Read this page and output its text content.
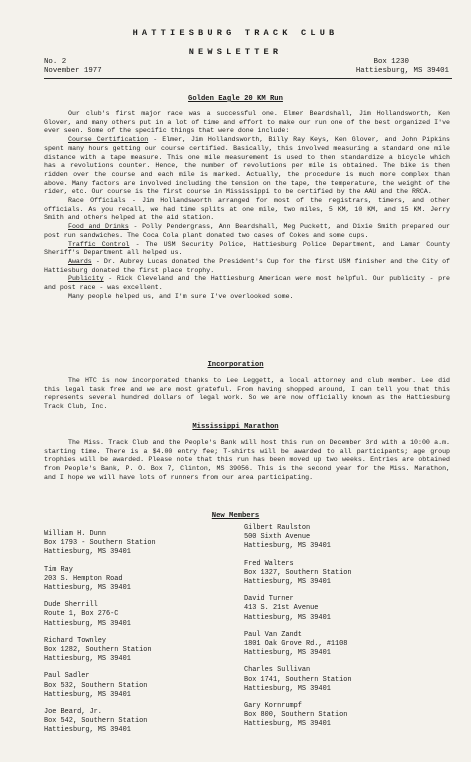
HATTIESBURG TRACK CLUB
NEWSLETTER
No. 2
November 1977
Box 1230
Hattiesburg, MS 39401
Golden Eagle 20 KM Run

Our club's first major race was a successful one. Elmer Beardshall, Jim Hollandsworth, Ken Glover, and many others put in a lot of time and effort to make our run one of the best organized I've ever seen. Some of the specific things that were done include:

Course Certification - Elmer, Jim Hollandsworth, Billy Ray Keys, Ken Glover, and John Pipkins spent many hours getting our course certified. Basically, this involved measuring a standard one mile distance with a tape measure. This one mile measurement is used to then standardize a bicycle which has a revolutions counter. Hence, the number of revolutions per mile is obtained. The bike is then ridden over the course and each mile is marked. Actually, the procedure is much more complex than above. Many factors are involved including the tension on the tape, the temperature, the weight of the rider, etc. Our course is the first course in Mississippi to be certified by the AAU and the RRCA.

Race Officials - Jim Hollandsworth arranged for most of the registrars, timers, and other officials. As you recall, we had time splits at one mile, two miles, 5 KM, 10 KM, and 15 KM. Jerry Smith and others helped at the aid station.

Food and Drinks - Polly Pendergrass, Ann Beardshall, Meg Puckett, and Dixie Smith prepared our post run sandwiches. The Coca Cola plant donated two cases of Cokes and some cups.

Traffic Control - The USM Security Police, Hattiesburg Police Department, and Lamar County Sheriff's Department all helped us.

Awards - Dr. Aubrey Lucas donated the President's Cup for the first USM finisher and the City of Hattiesburg donated the first place trophy.

Publicity - Rick Cleveland and the Hattiesburg American were most helpful. Our publicity - pre and post race - was excellent.

Many people helped us, and I'm sure I've overlooked some.

Incorporation

The HTC is now incorporated thanks to Lee Leggett, a local attorney and club member. Lee did this legal task free and we are most grateful. From having shopped around, I can tell you that this represents several hundred dollars of legal work. So we are now officially known as the Hattiesburg Track Club, Inc.

Mississippi Marathon

The Miss. Track Club and the People's Bank will host this run on December 3rd with a 10:00 a.m. starting time. There is a $4.00 entry fee; T-shirts will be awarded to all participants; age group trophies will be awarded. Please note that this run has been moved up two weeks. Entries are obtained from People's Bank, P. O. Box 7, Clinton, MS 39056. This is the second year for the Miss. Marathon, and I hope we will have lots of runners from our area participating.

New Members
William H. Dunn
Box 1793 - Southern Station
Hattiesburg, MS 39401
Tim Ray
203 S. Hempton Road
Hattiesburg, MS 39401
Dude Sherrill
Route 1, Box 276-C
Hattiesburg, MS 39401
Richard Townley
Box 1282, Southern Station
Hattiesburg, MS 39401
Paul Sadler
Box 532, Southern Station
Hattiesburg, MS 39401
Joe Beard, Jr.
Box 542, Southern Station
Hattiesburg, MS 39401
Gilbert Raulston
500 Sixth Avenue
Hattiesburg, MS 39401
Fred Walters
Box 1327, Southern Station
Hattiesburg, MS 39401
David Turner
413 S. 21st Avenue
Hattiesburg, MS 39401
Paul Van Zandt
1801 Oak Grove Rd., #1108
Hattiesburg, MS 39401
Charles Sullivan
Box 1741, Southern Station
Hattiesburg, MS 39401
Gary Kornrumpf
Box 800, Southern Station
Hattiesburg, MS 39401
